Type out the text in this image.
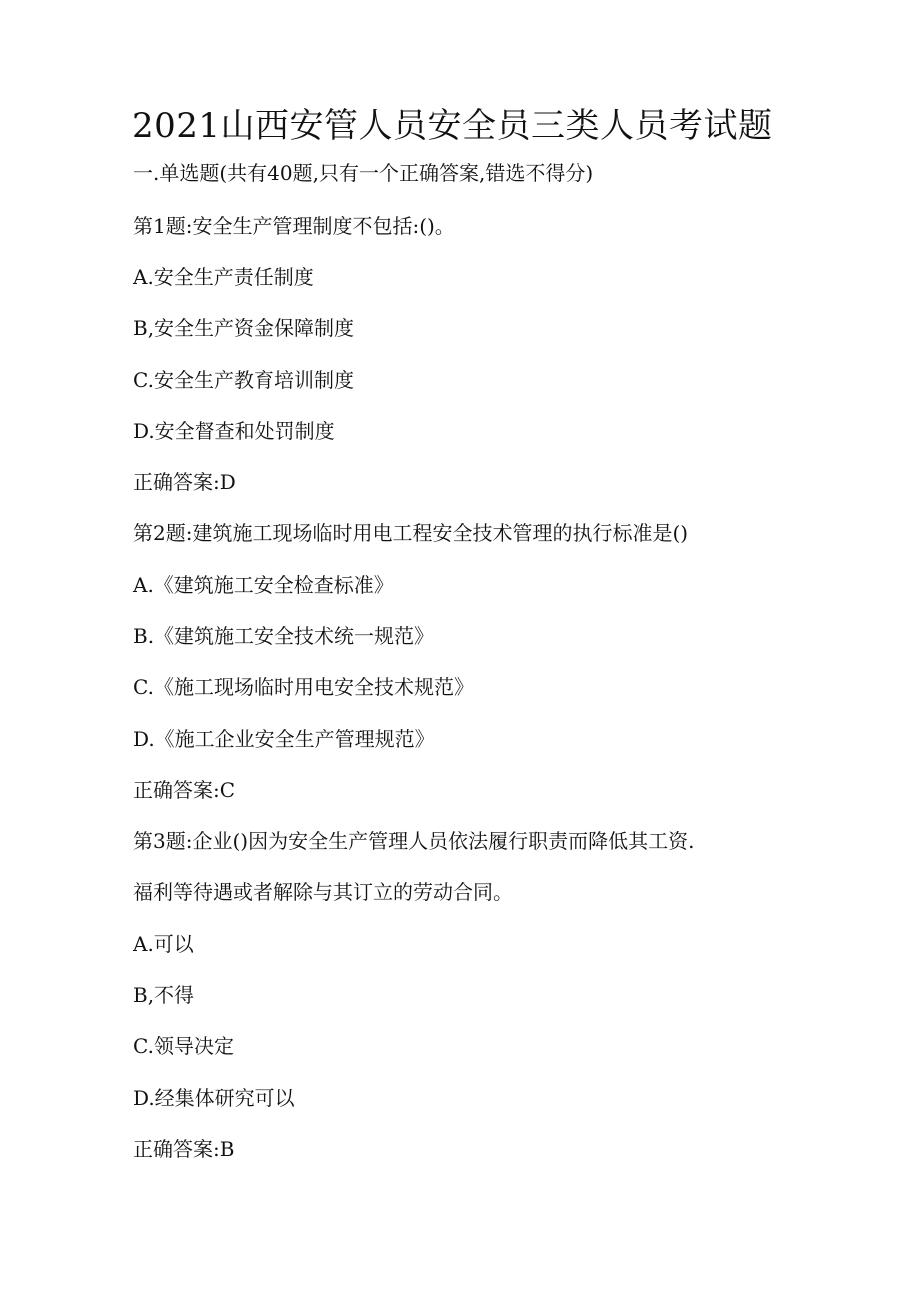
2021山西安管人员安全员三类人员考试题
一.单选题(共有40题,只有一个正确答案,错选不得分)
第1题:安全生产管理制度不包括:()。
A.安全生产责任制度
B,安全生产资金保障制度
C.安全生产教育培训制度
D.安全督查和处罚制度
正确答案:D
第2题:建筑施工现场临时用电工程安全技术管理的执行标准是()
A.《建筑施工安全检查标准》
B.《建筑施工安全技术统一规范》
C.《施工现场临时用电安全技术规范》
D.《施工企业安全生产管理规范》
正确答案:C
第3题:企业()因为安全生产管理人员依法履行职责而降低其工资.
福利等待遇或者解除与其订立的劳动合同。
A.可以
B,不得
C.领导决定
D.经集体研究可以
正确答案:B
